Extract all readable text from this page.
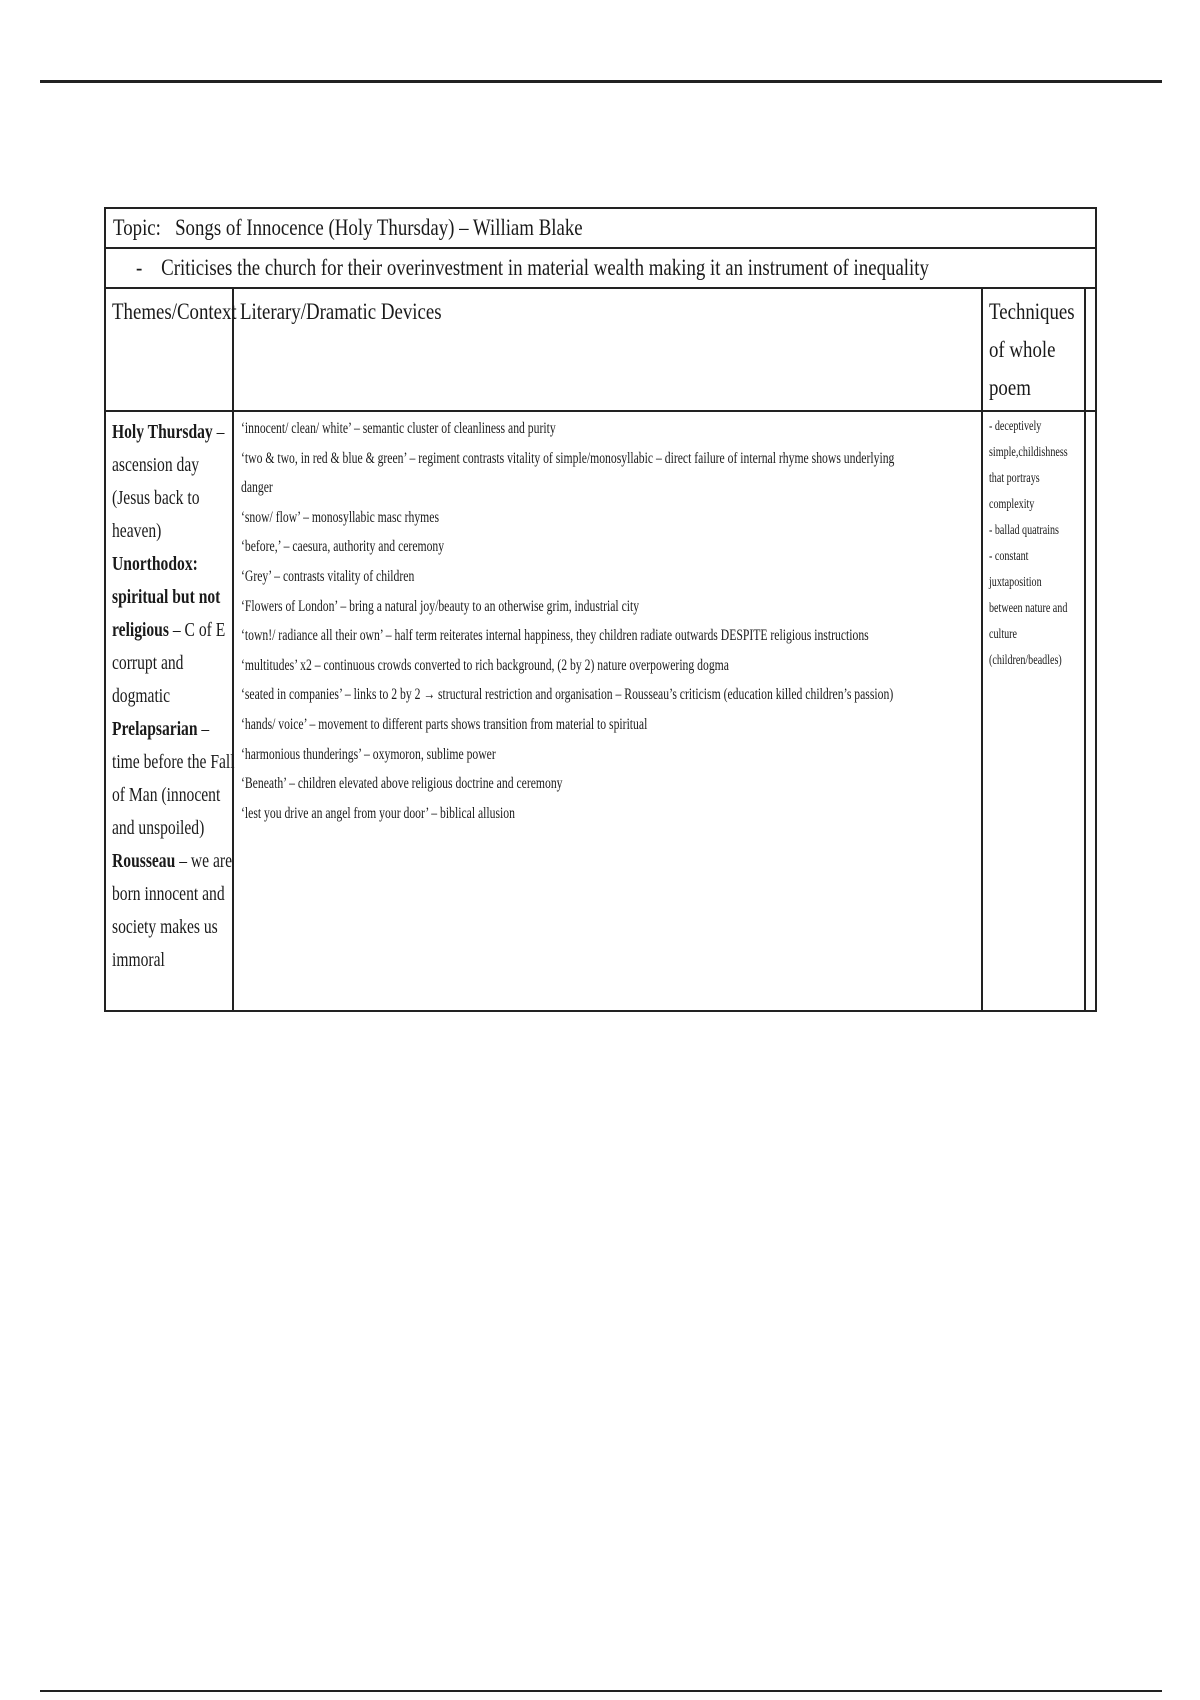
Topic: Songs of Innocence (Holy Thursday) – William Blake
- Criticises the church for their overinvestment in material wealth making it an instrument of inequality
Themes/Context Literary/Dramatic Devices	Techniques
of whole
poem
Holy Thursday –
ascension day
(Jesus back to
heaven)
Unorthodox:
spiritual but not
religious – C of E
corrupt and
dogmatic
Prelapsarian –
time before the Fall
of Man (innocent
and unspoiled)
Rousseau – we are
born innocent and
society makes us
immoral
‘innocent/ clean/ white’ – semantic cluster of cleanliness and purity
‘two & two, in red & blue & green’ – regiment contrasts vitality of simple/monosyllabic – direct failure of internal rhyme shows underlying
danger
‘snow/ flow’ – monosyllabic masc rhymes
‘before,’ – caesura, authority and ceremony
‘Grey’ – contrasts vitality of children
‘Flowers of London’ – bring a natural joy/beauty to an otherwise grim, industrial city
‘town!/ radiance all their own’ – half term reiterates internal happiness, they children radiate outwards DESPITE religious instructions
‘multitudes’ x2 – continuous crowds converted to rich background, (2 by 2) nature overpowering dogma
‘seated in companies’ – links to 2 by 2 → structural restriction and organisation – Rousseau’s criticism (education killed children’s passion)
‘hands/ voice’ – movement to different parts shows transition from material to spiritual
‘harmonious thunderings’ – oxymoron, sublime power
‘Beneath’ – children elevated above religious doctrine and ceremony
‘lest you drive an angel from your door’ – biblical allusion
- deceptively
simple,childishness
that portrays
complexity
- ballad quatrains
- constant
juxtaposition
between nature and
culture
(children/beadles)
